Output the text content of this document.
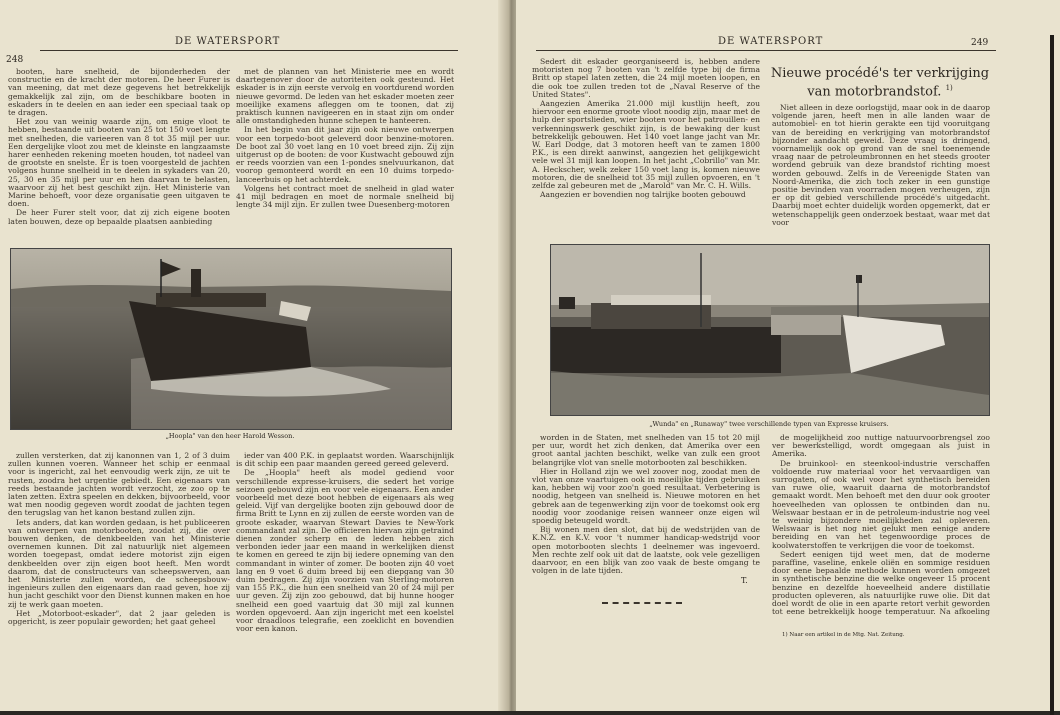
248
DE WATERSPORT

booten, hare snelheid, de bijonderheden der constructie en de kracht der motoren. De heer Furer is van meening, dat met deze gegevens het betrekkelijk gemakkelijk zal zijn, om de beschikbare booten in eskaders in te deelen en aan ieder een speciaal taak op te dragen.

Het zou van weinig waarde zijn, om enige vloot te hebben, bestaande uit booten van 25 tot 150 voet lengte met snelheden, die varieeren van 8 tot 35 mijl per uur. Een dergelijke vloot zou met de kleinste en langzaamste harer eenheden rekening moeten houden, tot nadeel van de grootste en snelste. Er is toen voorgesteld de jachten volgens hunne snelheid in te deelen in sykaders van 20, 25, 30 en 35 mijl per uur en hen daarvan te belasten, waarvoor zij het best geschikt zijn. Het Ministerie van Marine behoeft, voor deze organisatie geen uitgaven te doen.

De heer Furer stelt voor, dat zij zich eigene booten laten bouwen, deze op bepaalde plaatsen aanbieding

met de plannen van het Ministerie mee en wordt daartegenover door de autoriteiten ook gesteund. Het eskader is in zijn eerste vervolg en voortdurend worden nieuwe gevormd. De leden van het eskader moeten zeer moeilijke examens afleggen om te toonen, dat zij praktisch kunnen navigeeren en in staat zijn om onder alle omstandigheden hunne schepen te hanteeren.

In het begin van dit jaar zijn ook nieuwe ontwerpen voor een torpedo-boot geleverd door benzine-motoren. De boot zal 30 voet lang en 10 voet breed zijn. Zij zijn uitgerust op de booten: de voor Kustwacht gebouwd zijn er reeds voorzien van een 1-pondes snelvuurkanon, dat voorop gemonteerd wordt en een 10 duims torpedo-lanceerbuis op het achterdek.

Volgens het contract moet de snelheid in glad water 41 mijl bedragen en moet de normale snelheid bij lengte 34 mijl zijn. Er zullen twee Duesenberg-motoren

„Hoopla" van den heer Harold Wesson.

zullen versterken, dat zij kanonnen van 1, 2 of 3 duim zullen kunnen voeren. Wanneer het schip er eenmaal voor is ingericht, zal het eenvoudig werk zijn, ze uit te rusten, zoodra het urgentie gebiedt. Een eigenaars van reeds bestaande jachten wordt verzocht, ze zoo op te laten zetten. Extra speelen en dekken, bijvoorbeeld, voor wat men noodig gegeven wordt zoodat de jachten tegen den terugslag van het kanon bestand zullen zijn.

Iets anders, dat kan worden gedaan, is het publiceeren van ontwerpen van motorbooten, zoodat zij, die over bouwen denken, de denkbeelden van het Ministerie overnemen kunnen. Dit zal natuurlijk niet algemeen worden toegepast, omdat iedere motorist zijn eigen denkbeelden over zijn eigen boot heeft. Men wordt daarom, dat de constructeurs van scheepswerven, aan het Ministerie zullen worden, de scheepsbouw-ingenieurs zullen den eigenaars dan raad geven, hoe zij hun jacht geschikt voor den Dienst kunnen maken en hoe zij te werk gaan moeten.

Het „Motorboot-eskader", dat 2 jaar geleden is opgericht, is zeer populair geworden; het gaat geheel

ieder van 400 P.K. in geplaatst worden. Waarschijnlijk is dit schip een paar maanden gereed gereed geleverd.

De „Hoopla" heeft als model gediend voor verschillende expresse-kruisers, die sedert het vorige seizoen gebouwd zijn en voor vele eigenaars. Een ander voorbeeld met deze boot hebben de eigenaars als weg geleid. Vijf van dergelijke booten zijn gebouwd door de firma Britt te Lynn en zij zullen de eerste worden van de groote eskader, waarvan Stewart Davies te New-York commandant zal zijn. De officieren hiervan zijn getraind dienen zonder scherp en de leden hebben zich verbonden ieder jaar een maand in werkelijken dienst te komen en gereed te zijn bij iedere opneming van den commandant in winter of zomer. De booten zijn 40 voet lang en 9 voet 6 duim breed bij een diepgang van 30 duim bedragen. Zij zijn voorzien van Sterling-motoren van 155 P.K., die hun een snelheid van 20 of 24 mijl per uur geven. Zij zijn zoo gebouwd, dat bij hunne hooger snelheid een goed vaartuig dat 30 mijl zal kunnen worden opgevoerd. Aan zijn ingericht met een koelstel voor draadloos telegrafie, een zoeklicht en bovendien voor een kanon.

DE WATERSPORT	249

Sedert dit eskader georganiseerd is, hebben andere motoristen nog 7 booten van 't zelfde type bij de firma Britt op stapel laten zetten, die 24 mijl moeten loopen, en die ook toe zullen treden tot de „Naval Reserve of the United States".

Aangezien Amerika 21.000 mijl kustlijn heeft, zou hiervoor een enorme groote vloot noodig zijn, maar met de hulp der sportslieden, wier booten voor het patrouillen- en verkenningswerk geschikt zijn, is de bewaking der kust betrekkelijk gebouwen. Het 140 voet lange jacht van Mr. W. Earl Dodge, dat 3 motoren heeft van te zamen 1800 P.K., is een direkt aanwinst, aangezien het gelijkgewicht vele wel 31 mijl kan loopen. In het jacht „Cobrillo" van Mr. A. Heckscher, welk zeker 150 voet lang is, komen nieuwe motoren, die de snelheid tot 35 mijl zullen opvoeren, en 't zelfde zal gebeuren met de „Marold" van Mr. C. H. Wills.

Aangezien er bovendien nog talrijke booten gebouwd

Nieuwe procédé's ter verkrijging van motorbrandstof. $^{1)}$

Niet alleen in deze oorlogstijd, maar ook in de daarop volgende jaren, heeft men in alle landen waar de automobiel- en tot hierin gerakte een tijd vooruitgang van de bereiding en verkrijging van motorbrandstof bijzonder aandacht geweid. Deze vraag is dringend, voornamelijk ook op grond van de snel toenemende vraag naar de petroleumbronnen en het steeds grooter wordend gebruik van deze brandstof richting moest worden gebouwd. Zelfs in de Vereenigde Staten van Noord-Amerika, die zich toch zeker in een gunstige positie bevinden van voorraden mogen verheugen, zijn er op dit gebied verschillende procédé's uitgedacht. Daarbij moet echter duidelijk worden opgemerkt, dat er wetenschappelijk geen onderzoek bestaat, waar met dat voor

„Wunda" en „Runaway" twee verschillende typen van Expresse kruisers.

worden in de Staten, met snelheden van 15 tot 20 mijl per uur, wordt het zich denken, dat Amerika over een groot aantal jachten beschikt, welke van zulk een groot belangrijke vlot van snelle motorbooten zal beschikken.

Hier in Holland zijn we wel zoover nog, zoodat men de vlot van onze vaartuigen ook in moeilijke tijden gebruiken kan, hebben wij voor zoo'n goed resultaat. Verbetering is noodig, hetgeen van snelheid is. Nieuwe motoren en het gebrek aan de tegenwerking zijn voor de toekomst ook erg noodig voor zoodanige reisen wanneer onze eigen wil spoedig beteugeld wordt.

Bij wonen men den slot, dat bij de wedstrijden van de K.N.Z. en K.V. voor 't nummer handicap-wedstrijd voor open motorbooten slechts 1 deelnemer was ingevoerd. Men rechte zelf ook uit dat de laatste, ook vele gezelligen daarvoor, en een blijk van zoo vaak de beste omgang te volgen in de late tijden.

T.

de mogelijkheid zoo nuttige natuurvoorbrengsel zoo ver bewerkstelligd, wordt omgegaan als juist in Amerika.

De bruinkool- en steenkool-industrie verschaffen voldoende ruw materiaal voor het vervaardigen van surrogaten, of ook wel voor het synthetisch bereiden van ruwe olie, waaruit daarna de motorbrandstof gemaakt wordt. Men behoeft met den duur ook grooter hoeveelheden van oplossen te ontbinden dan nu. Welswaar bestaan er in de petroleum-industrie nog veel te weinig bijzondere moeilijkheden zal opleveren. Welswaar is het nog niet gelukt men eenige andere bereiding en van het tegenwoordige proces de koolwaterstoffen te verkrijgen die voor de toekomst.

Sedert eenigen tijd weet men, dat de moderne paraffine, vaseline, enkele oliën en sommige residuen door eene bepaalde methode kunnen worden omgezet in synthetische benzine die welke ongeveer 15 procent benzine en dezelfde hoeveelheid andere distillatie producten opleveren, als natuurlijke ruwe olie. Dit dat doel wordt de olie in een aparte retort verhit geworden tot eene betrekkelijk hooge temperatuur. Na afkoeling

1) Naar een artikel in de Mtg. Nat. Zeitung.
